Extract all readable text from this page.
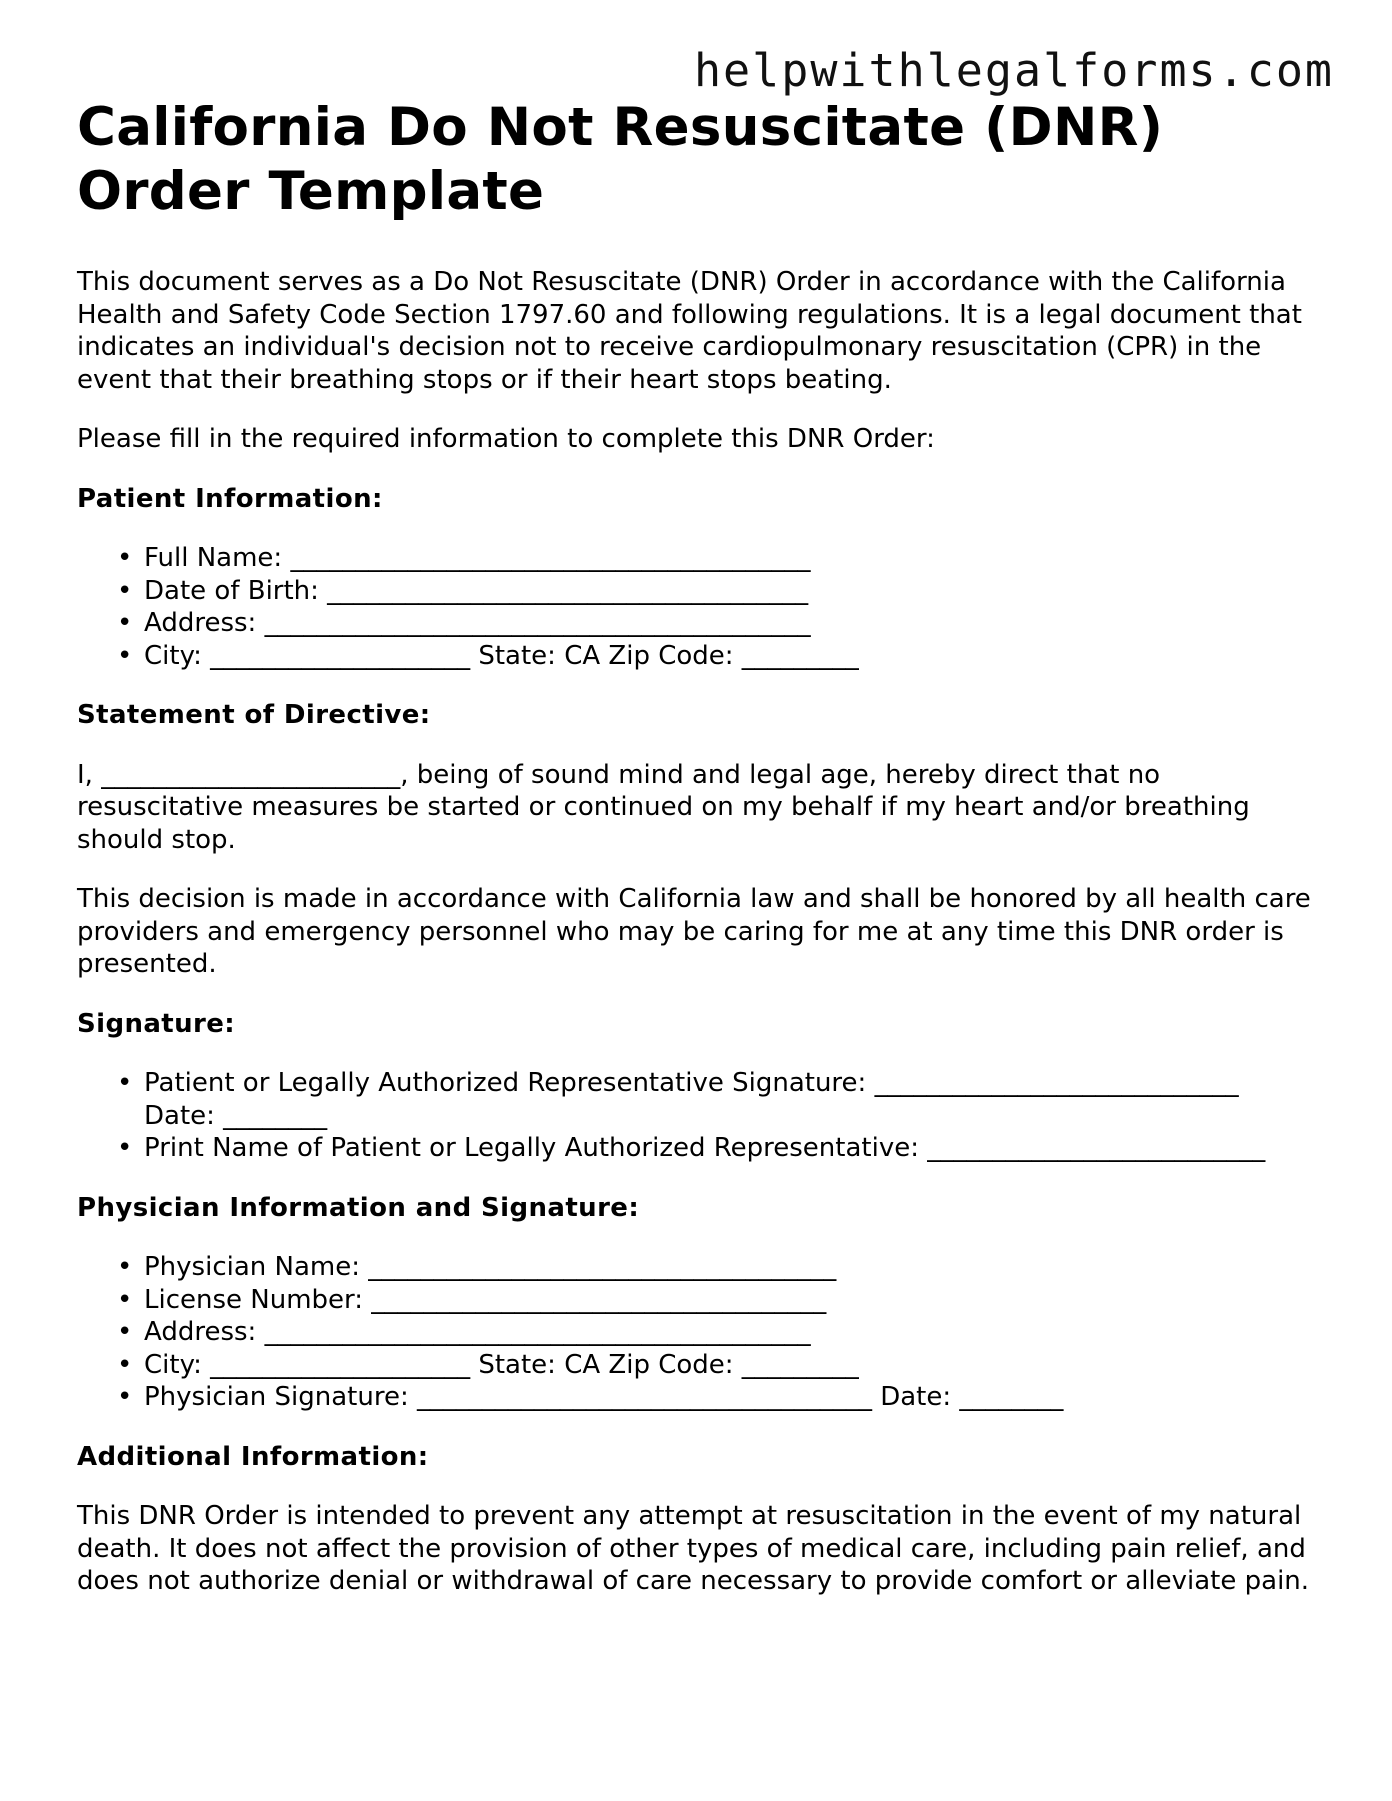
helpwithlegalforms.com
California Do Not Resuscitate (DNR) Order Template

This document serves as a Do Not Resuscitate (DNR) Order in accordance with the California Health and Safety Code Section 1797.60 and following regulations. It is a legal document that indicates an individual's decision not to receive cardiopulmonary resuscitation (CPR) in the event that their breathing stops or if their heart stops beating.

Please fill in the required information to complete this DNR Order:

Patient Information:
• Full Name: ________________________________________
• Date of Birth: _____________________________________
• Address: __________________________________________
• City: ____________________ State: CA Zip Code: _________
Statement of Directive:

I, _______________________, being of sound mind and legal age, hereby direct that no resuscitative measures be started or continued on my behalf if my heart and/or breathing should stop.

This decision is made in accordance with California law and shall be honored by all health care providers and emergency personnel who may be caring for me at any time this DNR order is presented.

Signature:
• Patient or Legally Authorized Representative Signature: ____________________________ Date: ________
• Print Name of Patient or Legally Authorized Representative: __________________________
Physician Information and Signature:
• Physician Name: ____________________________________
• License Number: ___________________________________
• Address: __________________________________________
• City: ____________________ State: CA Zip Code: _________
• Physician Signature: ___________________________________ Date: ________
Additional Information:

This DNR Order is intended to prevent any attempt at resuscitation in the event of my natural death. It does not affect the provision of other types of medical care, including pain relief, and does not authorize denial or withdrawal of care necessary to provide comfort or alleviate pain.
